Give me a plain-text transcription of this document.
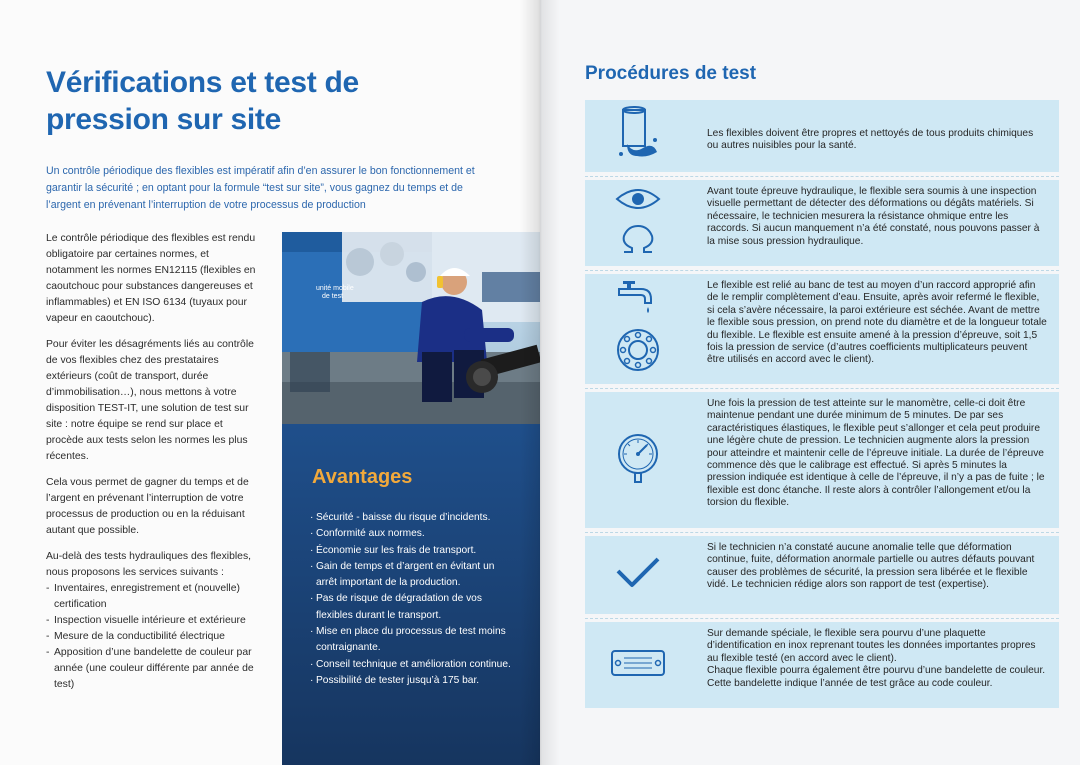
Vérifications et test de pression sur site

Un contrôle périodique des flexibles est impératif afin d’en assurer le bon fonctionnement et garantir la sécurité ; en optant pour la formule “test sur site”, vous gagnez du temps et de l’argent en prévenant l’interruption de votre processus de production

Le contrôle périodique des flexibles est rendu obligatoire par certaines normes, et notamment les normes EN12115 (flexibles en caoutchouc pour substances dangereuses et inflammables) et EN ISO 6134 (tuyaux pour vapeur en caoutchouc).

Pour éviter les désagréments liés au contrôle de vos flexibles chez des prestataires extérieurs (coût de transport, durée d’immobilisation…), nous mettons à votre disposition TEST-IT, une solution de test sur site : notre équipe se rend sur place et procède aux tests selon les normes les plus récentes.

Cela vous permet de gagner du temps et de l’argent en prévenant l’interruption de votre processus de production ou en la réduisant autant que possible.

Au-delà des tests hydrauliques des flexibles, nous proposons les services suivants :

- Inventaires, enregistrement et (nouvelle) certification
- Inspection visuelle intérieure et extérieure
- Mesure de la conductibilité électrique
- Apposition d’une bandelette de couleur par année (une couleur différente par année de test)
unité mobile
de test
Avantages
· Sécurité - baisse du risque d’incidents.
· Conformité aux normes.
· Économie sur les frais de transport.
· Gain de temps et d’argent en évitant un arrêt important de la production.
· Pas de risque de dégradation de vos flexibles durant le transport.
· Mise en place du processus de test moins contraignante.
· Conseil technique et amélioration continue.
· Possibilité de tester jusqu’à 175 bar.
Procédures de test
Les flexibles doivent être propres et nettoyés de tous produits chimiques ou autres nuisibles pour la santé.
Avant toute épreuve hydraulique, le flexible sera soumis à une inspection visuelle permettant de détecter des déformations ou dégâts matériels. Si nécessaire, le technicien mesurera la résistance ohmique entre les raccords. Si aucun manquement n’a été constaté, nous pouvons passer à la mise sous pression hydraulique.
Le flexible est relié au banc de test au moyen d’un raccord approprié afin de le remplir complètement d’eau. Ensuite, après avoir refermé le flexible, si cela s’avère nécessaire, la paroi extérieure est séchée. Avant de mettre le flexible sous pression, on prend note du diamètre et de la longueur totale du flexible. Le flexible est ensuite amené à la pression d’épreuve, soit 1,5 fois la pression de service (d’autres coefficients multiplicateurs peuvent être utilisés en accord avec le client).
Une fois la pression de test atteinte sur le manomètre, celle-ci doit être maintenue pendant une durée minimum de 5 minutes. De par ses caractéristiques élastiques, le flexible peut s’allonger et cela peut produire une légère chute de pression. Le technicien augmente alors la pression pour atteindre et maintenir celle de l’épreuve initiale. La durée de l’épreuve commence dès que le calibrage est effectué. Si après 5 minutes la pression indiquée est identique à celle de l’épreuve, il n’y a pas de fuite ; le flexible est donc étanche. Il reste alors à contrôler l’allongement et/ou la torsion du flexible.
Si le technicien n’a constaté aucune anomalie telle que déformation continue, fuite, déformation anormale partielle ou autres défauts pouvant causer des problèmes de sécurité, la pression sera libérée et le flexible vidé. Le technicien rédige alors son rapport de test (expertise).
Sur demande spéciale, le flexible sera pourvu d’une plaquette d’identification en inox reprenant toutes les données importantes propres au flexible testé (en accord avec le client).
Chaque flexible pourra également être pourvu d’une bandelette de couleur. Cette bandelette indique l’année de test grâce au code couleur.
